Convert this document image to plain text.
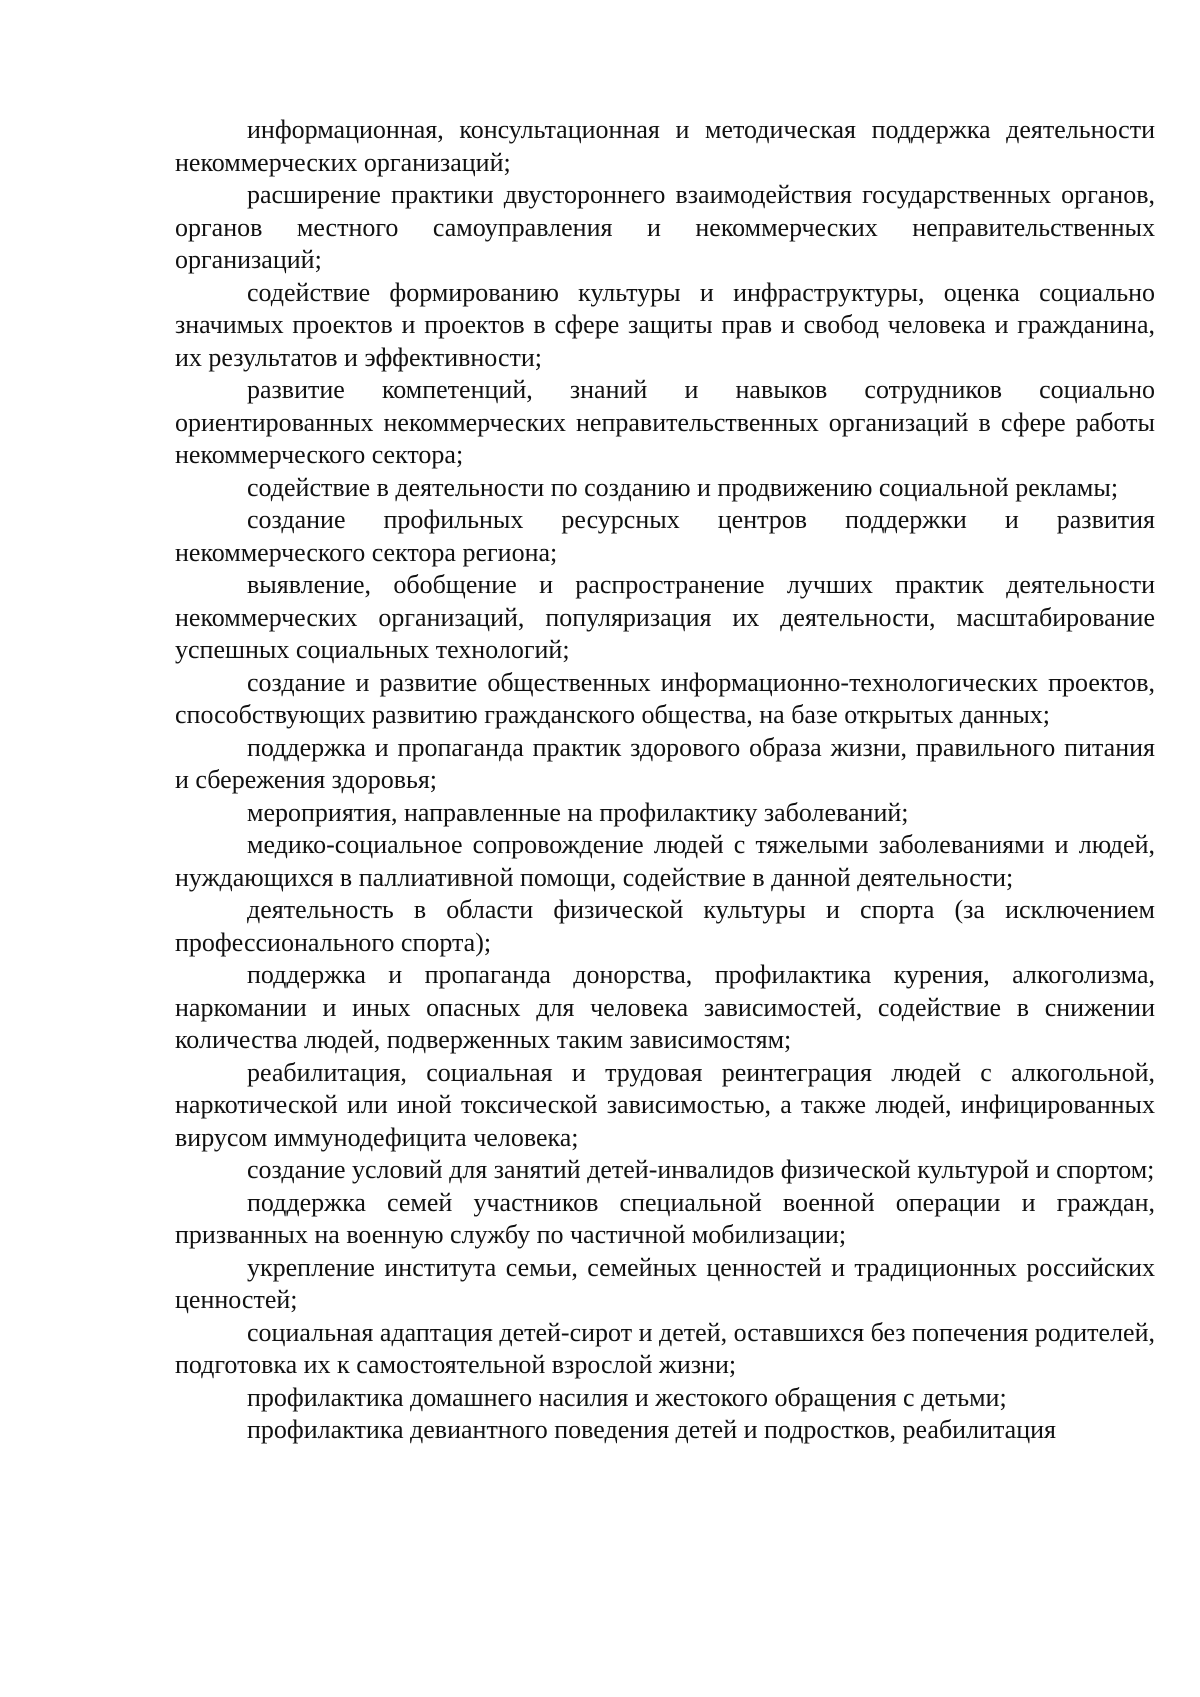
информационная, консультационная и методическая поддержка деятельности некоммерческих организаций;

расширение практики двустороннего взаимодействия государственных органов, органов местного самоуправления и некоммерческих неправительственных организаций;

содействие формированию культуры и инфраструктуры, оценка социально значимых проектов и проектов в сфере защиты прав и свобод человека и гражданина, их результатов и эффективности;

развитие компетенций, знаний и навыков сотрудников социально ориентированных некоммерческих неправительственных организаций в сфере работы некоммерческого сектора;

содействие в деятельности по созданию и продвижению социальной рекламы;

создание профильных ресурсных центров поддержки и развития некоммерческого сектора региона;

выявление, обобщение и распространение лучших практик деятельности некоммерческих организаций, популяризация их деятельности, масштабирование успешных социальных технологий;

создание и развитие общественных информационно-технологических проектов, способствующих развитию гражданского общества, на базе открытых данных;

поддержка и пропаганда практик здорового образа жизни, правильного питания и сбережения здоровья;

мероприятия, направленные на профилактику заболеваний;

медико-социальное сопровождение людей с тяжелыми заболеваниями и людей, нуждающихся в паллиативной помощи, содействие в данной деятельности;

деятельность в области физической культуры и спорта (за исключением профессионального спорта);

поддержка и пропаганда донорства, профилактика курения, алкоголизма, наркомании и иных опасных для человека зависимостей, содействие в снижении количества людей, подверженных таким зависимостям;

реабилитация, социальная и трудовая реинтеграция людей с алкогольной, наркотической или иной токсической зависимостью, а также людей, инфицированных вирусом иммунодефицита человека;

создание условий для занятий детей-инвалидов физической культурой и спортом;

поддержка семей участников специальной военной операции и граждан, призванных на военную службу по частичной мобилизации;

укрепление института семьи, семейных ценностей и традиционных российских ценностей;

социальная адаптация детей-сирот и детей, оставшихся без попечения родителей, подготовка их к самостоятельной взрослой жизни;

профилактика домашнего насилия и жестокого обращения с детьми;

профилактика девиантного поведения детей и подростков, реабилитация
